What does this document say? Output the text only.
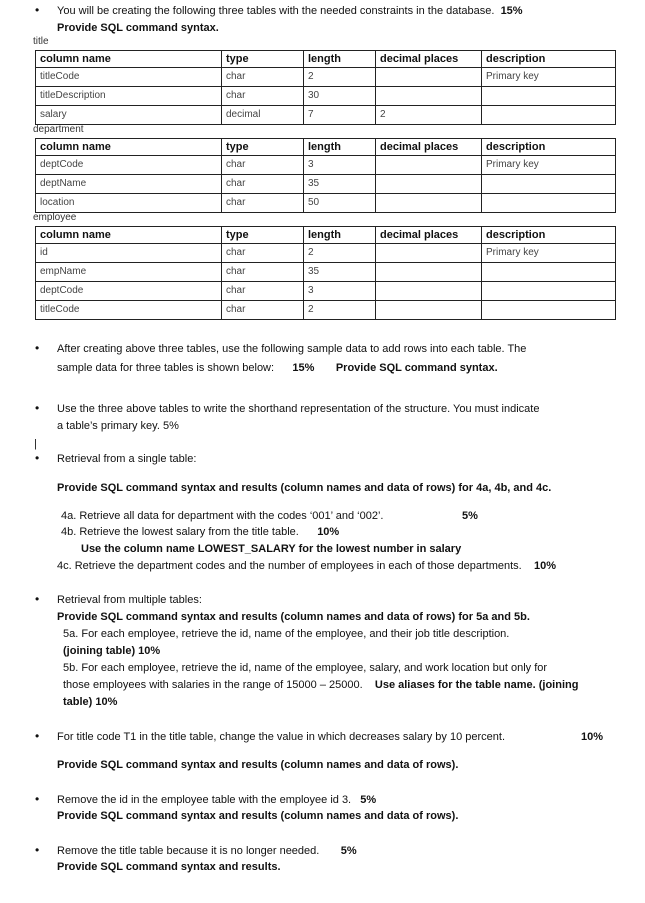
• You will be creating the following three tables with the needed constraints in the database. 15%
Provide SQL command syntax.
title
column name	type	length	decimal places	description
titleCode	char	2		Primary key
titleDescription	char	30		
salary	decimal	7	2	
department
column name	type	length	decimal places	description
deptCode	char	3		Primary key
deptName	char	35		
location	char	50		
employee
column name	type	length	decimal places	description
id	char	2		Primary key
empName	char	35		
deptCode	char	3		
titleCode	char	2		
• After creating above three tables, use the following sample data to add rows into each table. The
sample data for three tables is shown below: 15% Provide SQL command syntax.
• Use the three above tables to write the shorthand representation of the structure. You must indicate
a table’s primary key. 5%
|
• Retrieval from a single table:
Provide SQL command syntax and results (column names and data of rows) for 4a, 4b, and 4c.
4a. Retrieve all data for department with the codes ‘001’ and ‘002’.	5%
4b. Retrieve the lowest salary from the title table. 10%
Use the column name LOWEST_SALARY for the lowest number in salary
4c. Retrieve the department codes and the number of employees in each of those departments. 10%
• Retrieval from multiple tables:
Provide SQL command syntax and results (column names and data of rows) for 5a and 5b.
5a. For each employee, retrieve the id, name of the employee, and their job title description.
(joining table) 10%
5b. For each employee, retrieve the id, name of the employee, salary, and work location but only for
those employees with salaries in the range of 15000 – 25000. Use aliases for the table name. (joining
table) 10%
• For title code T1 in the title table, change the value in which decreases salary by 10 percent.	10%
Provide SQL command syntax and results (column names and data of rows).
• Remove the id in the employee table with the employee id 3. 5%
Provide SQL command syntax and results (column names and data of rows).
• Remove the title table because it is no longer needed. 5%
Provide SQL command syntax and results.
